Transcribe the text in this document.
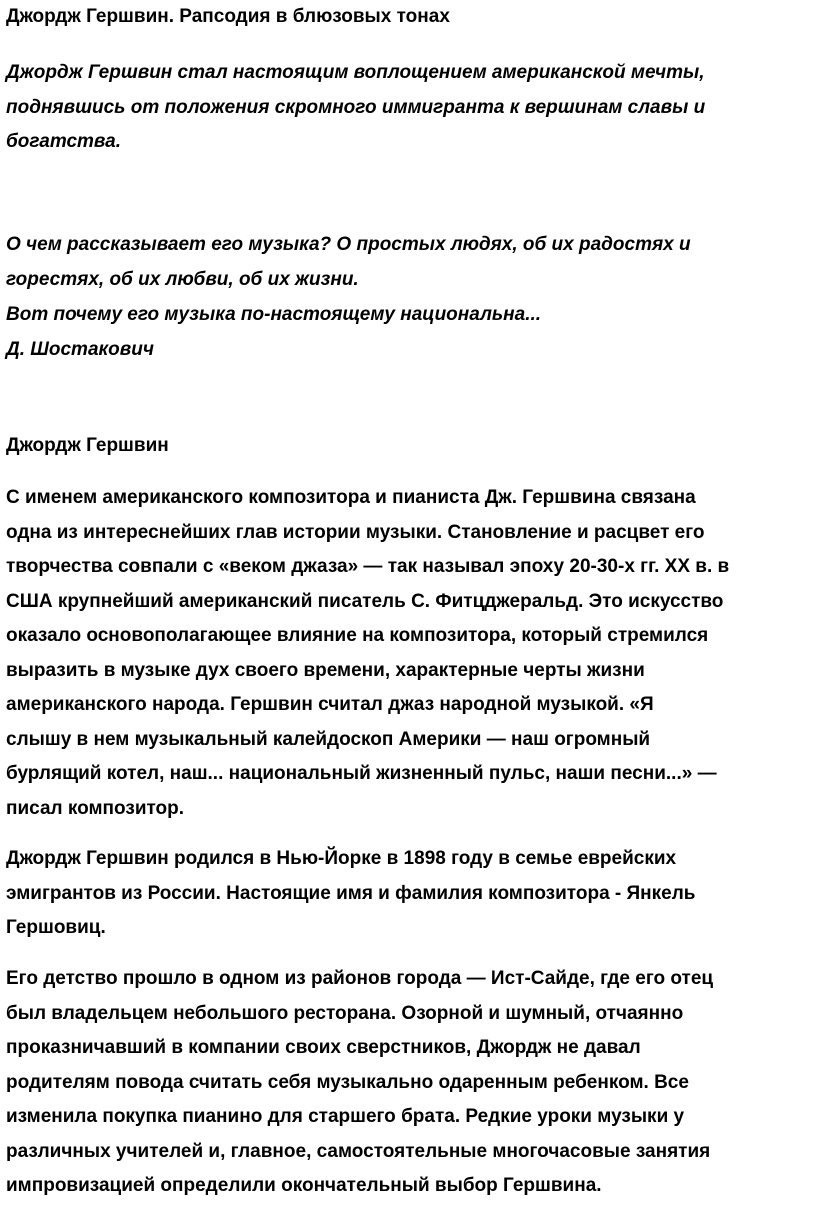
Джордж Гершвин. Рапсодия в блюзовых тонах
Джордж Гершвин стал настоящим воплощением американской мечты,
поднявшись от положения скромного иммигранта к вершинам славы и
богатства.
О чем рассказывает его музыка? О простых людях, об их радостях и
горестях, об их любви, об их жизни.
Вот почему его музыка по-настоящему национальна...
Д. Шостакович
Джордж Гершвин

С именем американского композитора и пианиста Дж. Гершвина связана
одна из интереснейших глав истории музыки. Становление и расцвет его
творчества совпали с «веком джаза» — так называл эпоху 20-30-х гг. XX в. в
США крупнейший американский писатель С. Фитцджеральд. Это искусство
оказало основополагающее влияние на композитора, который стремился
выразить в музыке дух своего времени, характерные черты жизни
американского народа. Гершвин считал джаз народной музыкой. «Я
слышу в нем музыкальный калейдоскоп Америки — наш огромный
бурлящий котел, наш... национальный жизненный пульс, наши песни...» —
писал композитор.

Джордж Гершвин родился в Нью-Йорке в 1898 году в семье еврейских
эмигрантов из России. Настоящие имя и фамилия композитора - Янкель
Гершовиц.

Его детство прошло в одном из районов города — Ист-Сайде, где его отец
был владельцем небольшого ресторана. Озорной и шумный, отчаянно
проказничавший в компании своих сверстников, Джордж не давал
родителям повода считать себя музыкально одаренным ребенком. Все
изменила покупка пианино для старшего брата. Редкие уроки музыки у
различных учителей и, главное, самостоятельные многочасовые занятия
импровизацией определили окончательный выбор Гершвина.
